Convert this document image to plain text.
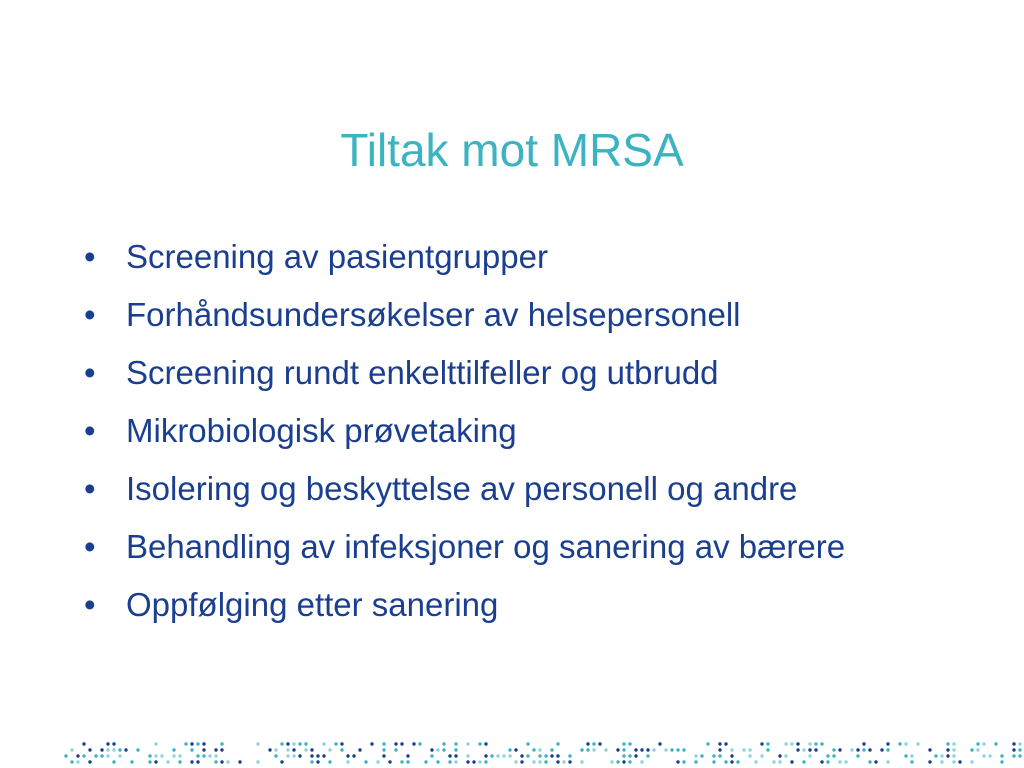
Tiltak mot MRSA
• Screening av pasientgrupper
• Forhåndsundersøkelser av helsepersonell
• Screening rundt enkelttilfeller og utbrudd
• Mikrobiologisk prøvetaking
• Isolering og beskyttelse av personell og andre
• Behandling av infeksjoner og sanering av bærere
• Oppfølging etter sanering
